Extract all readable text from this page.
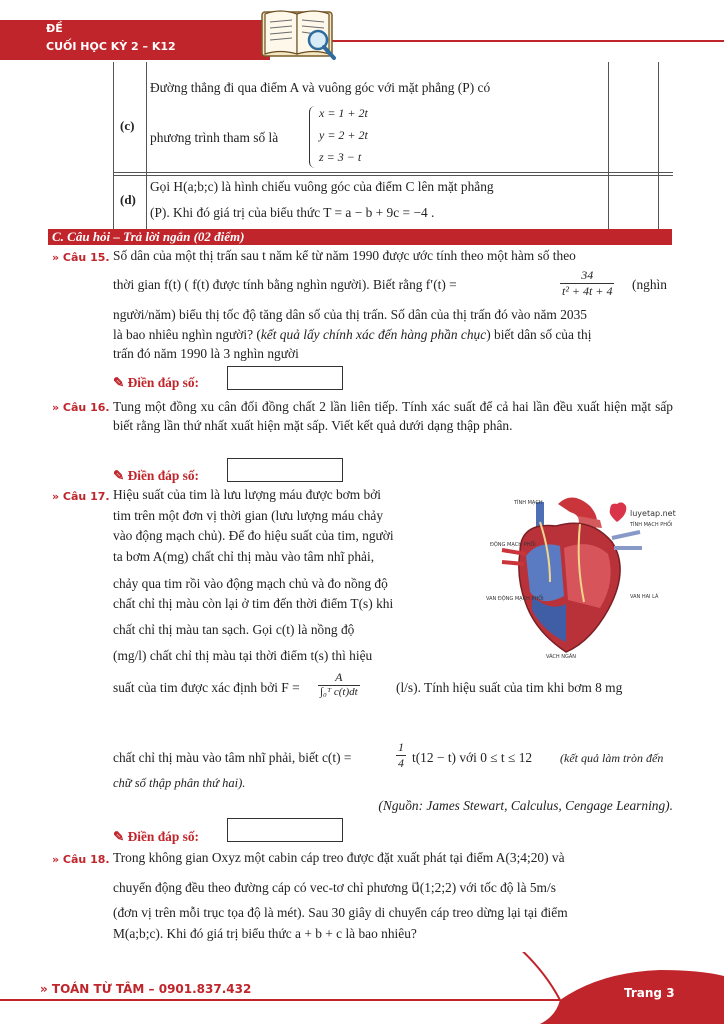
ĐỀ
CUỐI HỌC KỲ 2 – K12
(c)
Đường thẳng đi qua điểm A và vuông góc với mặt phẳng (P) có
phương trình tham số là
x = 1 + 2t
y = 2 + 2t
z = 3 − t
(d)
Gọi H(a;b;c) là hình chiếu vuông góc của điểm C lên mặt phẳng
(P). Khi đó giá trị của biểu thức T = a − b + 9c = −4 .
C. Câu hỏi – Trả lời ngắn (02 điểm)
» Câu 15. Số dân của một thị trấn sau t năm kể từ năm 1990 được ước tính theo một hàm số theo
thời gian f(t) ( f(t) được tính bằng nghìn người). Biết rằng f′(t) =	$\frac{34}{\text{t² + 4t + 4}}$ (nghìn
người/năm) biểu thị tốc độ tăng dân số của thị trấn. Số dân của thị trấn đó vào năm 2035
là bao nhiêu nghìn người? (kết quả lấy chính xác đến hàng phần chục) biết dân số của thị
trấn đó năm 1990 là 3 nghìn người
✎ Điền đáp số:
» Câu 16. Tung một đồng xu cân đối đồng chất 2 lần liên tiếp. Tính xác suất để cả hai lần đều xuất hiện mặt sấp biết rằng lần thứ nhất xuất hiện mặt sấp. Viết kết quả dưới dạng thập phân.
✎ Điền đáp số:
» Câu 17. Hiệu suất của tim là lưu lượng máu được bơm bởi
tim trên một đơn vị thời gian (lưu lượng máu chảy
vào động mạch chủ). Để đo hiệu suất của tim, người
ta bơm A(mg) chất chỉ thị màu vào tâm nhĩ phải,
chảy qua tim rồi vào động mạch chủ và đo nồng độ
chất chỉ thị màu còn lại ở tim đến thời điểm T(s) khi
chất chỉ thị màu tan sạch. Gọi c(t) là nồng độ
(mg/l) chất chỉ thị màu tại thời điểm t(s) thì hiệu
suất của tim được xác định bởi F =	$\frac{A}{\text{∫₀ᵀ c(t)dt}}$	(l/s). Tính hiệu suất của tim khi bơm 8 mg
chất chỉ thị màu vào tâm nhĩ phải, biết c(t) =	$\frac{1}{4} t(12 - t)$ với 0 ≤ t ≤ 12	(kết quả làm tròn đến
chữ số thập phân thứ hai).
(Nguồn: James Stewart, Calculus, Cengage Learning).
✎ Điền đáp số:
TĨNH MẠCH
ĐỘNG MẠCH PHỔI
TĨNH MẠCH PHỔI
VAN ĐỘNG MẠCH PHỔI	VAN HAI LÁ
VÁCH NGĂN
luyetap.net
» Câu 18. Trong không gian Oxyz một cabin cáp treo được đặt xuất phát tại điểm A(3;4;20) và
chuyển động đều theo đường cáp có vec-tơ chỉ phương u⃗(1;2;2) với tốc độ là 5m/s
(đơn vị trên mỗi trục tọa độ là mét). Sau 30 giây di chuyển cáp treo dừng lại tại điểm
M(a;b;c). Khi đó giá trị biểu thức a + b + c là bao nhiêu?
» TOÁN TỪ TÂM – 0901.837.432	Trang 3
